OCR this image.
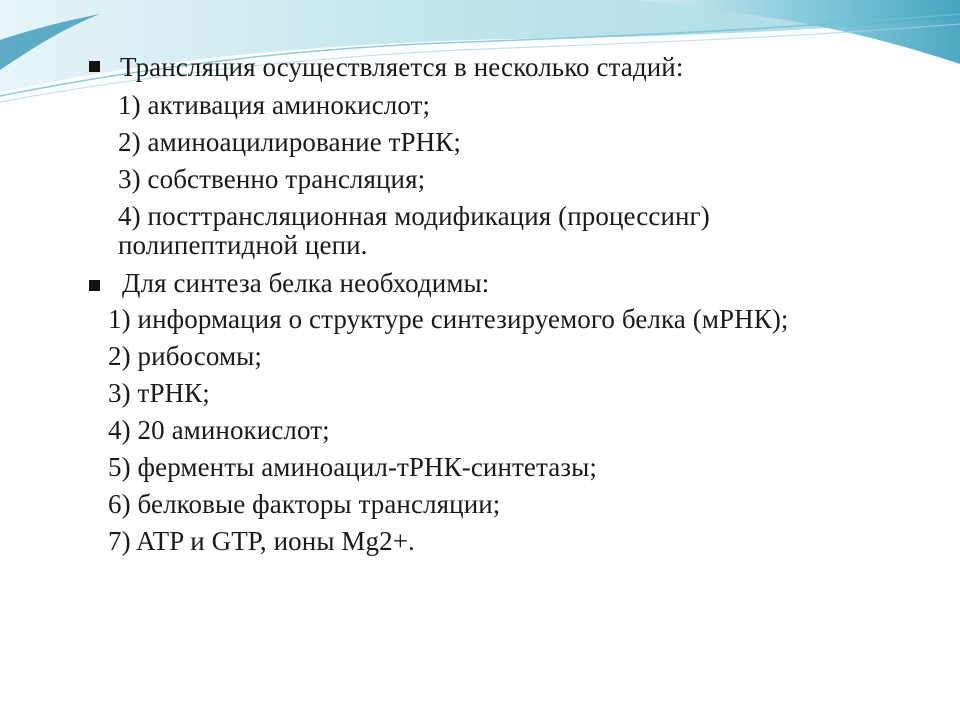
Трансляция осуществляется в несколько стадий:
1) активация аминокислот;
2) аминоацилирование тРНК;
3) собственно трансляция;
4) посттрансляционная модификация (процессинг)
полипептидной цепи.
Для синтеза белка необходимы:
1) информация о структуре синтезируемого белка (мРНК);
2) рибосомы;
3) тРНК;
4) 20 аминокислот;
5) ферменты аминоацил-тРНК-синтетазы;
6) белковые факторы трансляции;
7) ATP и GTP, ионы Mg2+.
